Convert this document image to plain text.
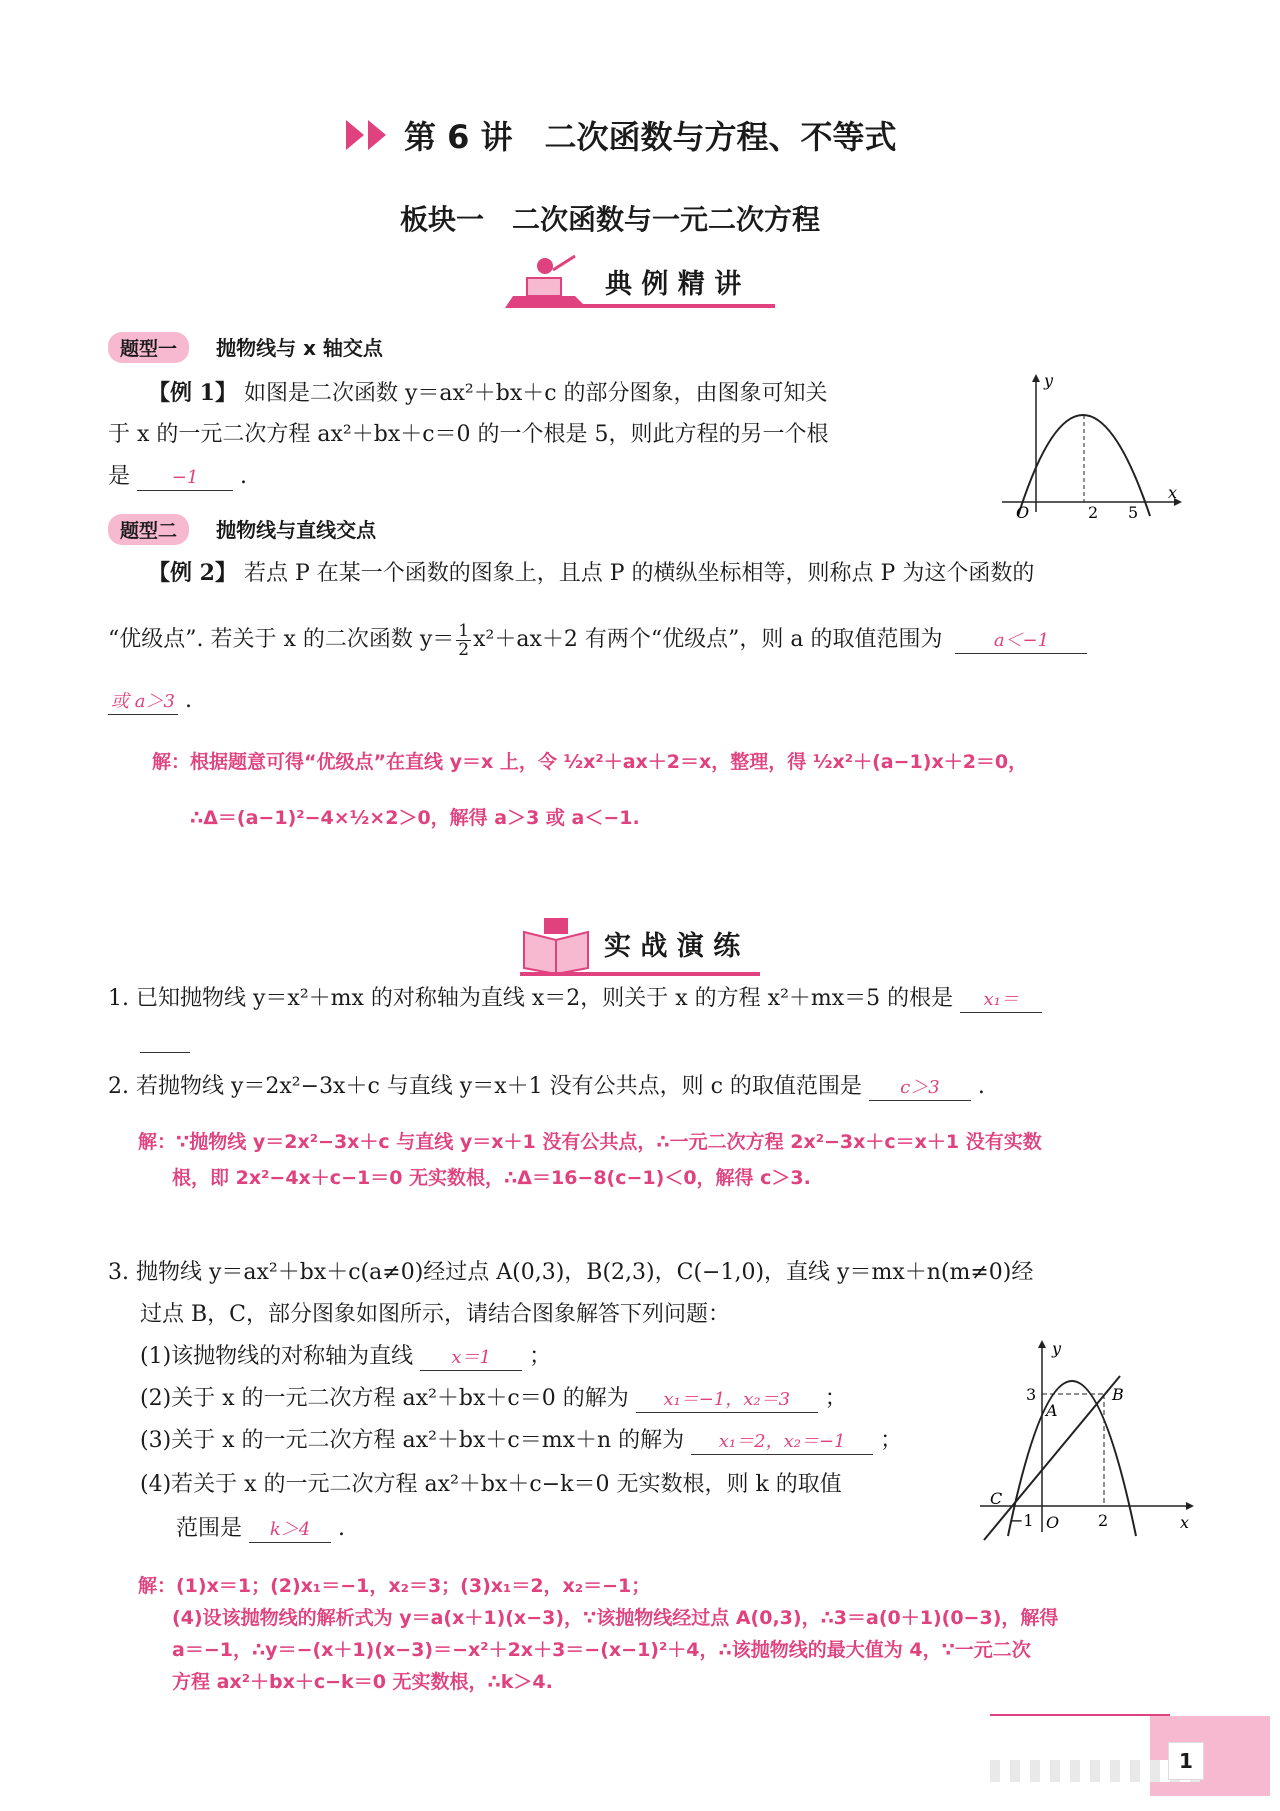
第 6 讲　二次函数与方程、不等式
板块一　二次函数与一元二次方程
典 例 精 讲
题型一 抛物线与 x 轴交点
【例 1】 如图是二次函数 y＝ax²＋bx＋c 的部分图象，由图象可知关
于 x 的一元二次方程 ax²＋bx＋c＝0 的一个根是 5，则此方程的另一个根
是 −1 .
y
x
O	2 5
题型二 抛物线与直线交点
【例 2】 若点 P 在某一个函数的图象上，且点 P 的横纵坐标相等，则称点 P 为这个函数的
“优级点”. 若关于 x 的二次函数 $y= \frac{1}{2} x^2+ax+2$ 有两个“优级点”，则 a 的取值范围为	a＜−1
或 a＞3 .
解：根据题意可得“优级点”在直线 y＝x 上，令 ½x²＋ax＋2＝x，整理，得 ½x²＋(a−1)x＋2＝0，
∴Δ＝(a−1)²−4×½×2＞0，解得 a＞3 或 a＜−1.
实 战 演 练
1. 已知抛物线 y＝x²＋mx 的对称轴为直线 x＝2，则关于 x 的方程 x²＋mx＝5 的根是 x₁＝
2. 若抛物线 y＝2x²−3x＋c 与直线 y＝x＋1 没有公共点，则 c 的取值范围是 c＞3 .
解：∵抛物线 y＝2x²−3x＋c 与直线 y＝x＋1 没有公共点，∴一元二次方程 2x²−3x＋c＝x＋1 没有实数
根，即 2x²−4x＋c−1＝0 无实数根，∴Δ＝16−8(c−1)＜0，解得 c＞3.
3. 抛物线 y＝ax²＋bx＋c(a≠0)经过点 A(0,3)，B(2,3)，C(−1,0)，直线 y＝mx＋n(m≠0)经
过点 B，C，部分图象如图所示，请结合图象解答下列问题：
(1)该抛物线的对称轴为直线 x＝1 ；
(2)关于 x 的一元二次方程 ax²＋bx＋c＝0 的解为 x₁＝−1，x₂＝3 ；
(3)关于 x 的一元二次方程 ax²＋bx＋c＝mx＋n 的解为 x₁＝2，x₂＝−1 ；
(4)若关于 x 的一元二次方程 ax²＋bx＋c−k＝0 无实数根，则 k 的取值
范围是 k＞4 .
y
x
3
A
B
C
−1 O 2
解：(1)x＝1；(2)x₁＝−1，x₂＝3；(3)x₁＝2，x₂＝−1；
(4)设该抛物线的解析式为 y＝a(x＋1)(x−3)，∵该抛物线经过点 A(0,3)，∴3＝a(0＋1)(0−3)，解得
a＝−1，∴y＝−(x＋1)(x−3)＝−x²＋2x＋3＝−(x−1)²＋4，∴该抛物线的最大值为 4，∵一元二次
方程 ax²＋bx＋c−k＝0 无实数根，∴k＞4.
1
